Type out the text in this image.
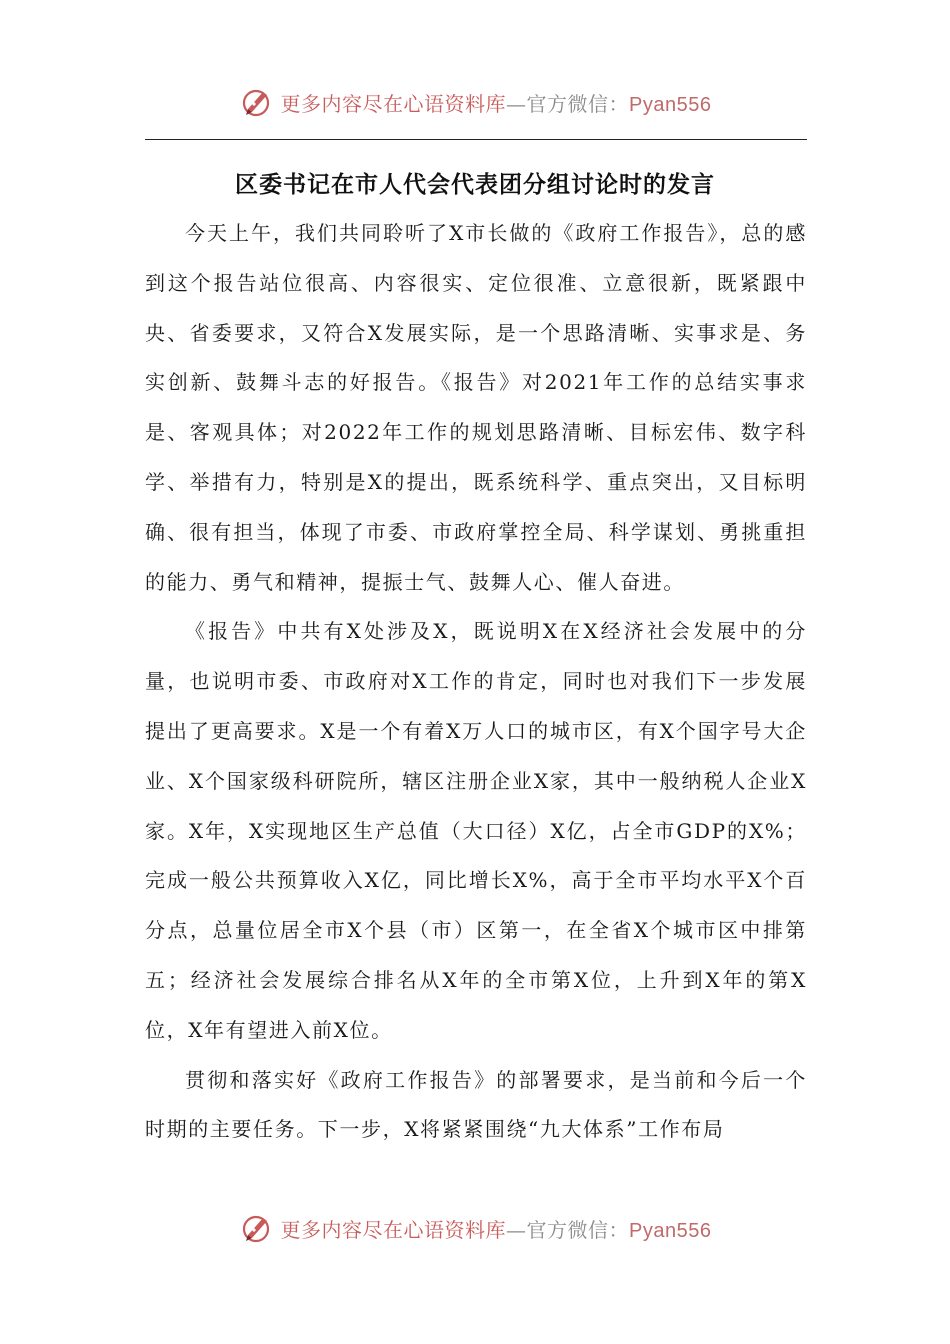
更多内容尽在心语资料库—官方微信：Pyan556
区委书记在市人代会代表团分组讨论时的发言

今天上午，我们共同聆听了X市长做的《政府工作报告》，总的感到这个报告站位很高、内容很实、定位很准、立意很新，既紧跟中央、省委要求，又符合X发展实际，是一个思路清晰、实事求是、务实创新、鼓舞斗志的好报告。《报告》对2021年工作的总结实事求是、客观具体；对2022年工作的规划思路清晰、目标宏伟、数字科学、举措有力，特别是X的提出，既系统科学、重点突出，又目标明确、很有担当，体现了市委、市政府掌控全局、科学谋划、勇挑重担的能力、勇气和精神，提振士气、鼓舞人心、催人奋进。

《报告》中共有X处涉及X，既说明X在X经济社会发展中的分量，也说明市委、市政府对X工作的肯定，同时也对我们下一步发展提出了更高要求。X是一个有着X万人口的城市区，有X个国字号大企业、X个国家级科研院所，辖区注册企业X家，其中一般纳税人企业X家。X年，X实现地区生产总值（大口径）X亿，占全市GDP的X%；完成一般公共预算收入X亿，同比增长X%，高于全市平均水平X个百分点，总量位居全市X个县（市）区第一，在全省X个城市区中排第五；经济社会发展综合排名从X年的全市第X位，上升到X年的第X位，X年有望进入前X位。

贯彻和落实好《政府工作报告》的部署要求，是当前和今后一个时期的主要任务。下一步，X将紧紧围绕“九大体系”工作布局

更多内容尽在心语资料库—官方微信：Pyan556
